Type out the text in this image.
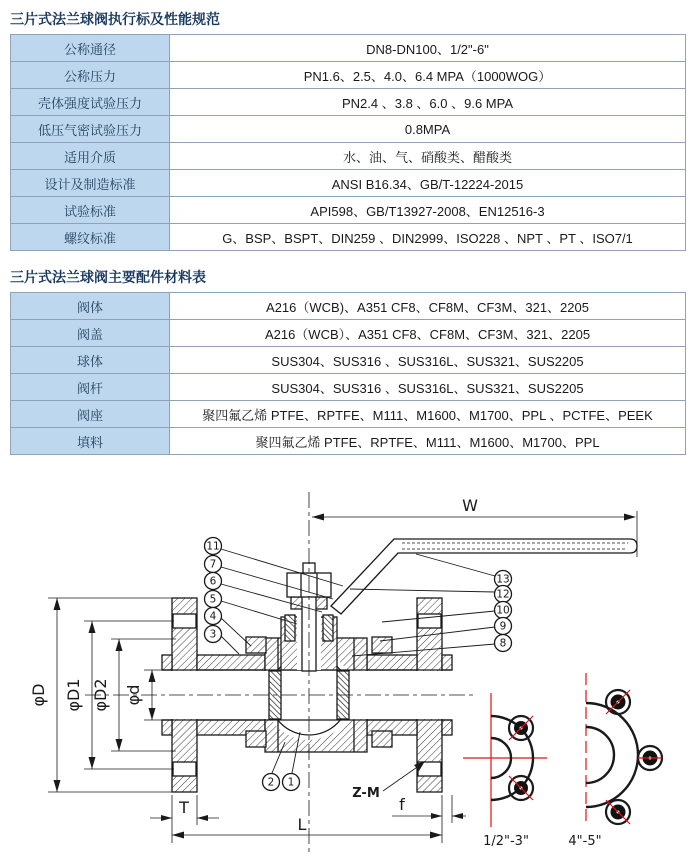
三片式法兰球阀执行标及性能规范
公称通径	DN8-DN100、1/2"-6"
公称压力	PN1.6、2.5、4.0、6.4 MPA（1000WOG）
壳体强度试验压力	PN2.4 、3.8 、6.0 、9.6 MPA
低压气密试验压力	0.8MPA
适用介质	水、油、气、硝酸类、醋酸类
设计及制造标准	ANSI B16.34、GB/T-12224-2015
试验标准	API598、GB/T13927-2008、EN12516-3
螺纹标准	G、BSP、BSPT、DIN259 、DIN2999、ISO228 、NPT 、PT 、ISO7/1
三片式法兰球阀主要配件材料表
阀体	A216（WCB)、A351 CF8、CF8M、CF3M、321、2205
阀盖	A216（WCB）、A351 CF8、CF8M、CF3M、321、2205
球体	SUS304、SUS316 、SUS316L、SUS321、SUS2205
阀杆	SUS304、SUS316 、SUS316L、SUS321、SUS2205
阀座	聚四氟乙烯 PTFE、RPTFE、M111、M1600、M1700、PPL 、PCTFE、PEEK
填料	聚四氟乙烯 PTFE、RPTFE、M111、M1600、M1700、PPL
W
φD φD1 φD2 φd
T
L
f
Z-M
11
7
6
5
4
3
13
12
10
9
8
2 1
1/2"-3"	4"-5"
